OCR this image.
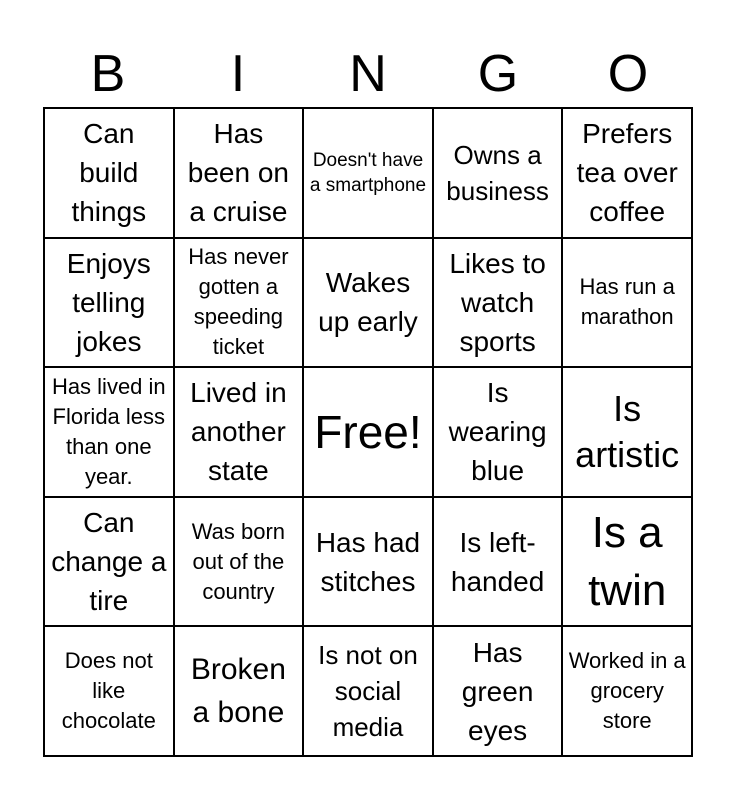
B	I	N	G	O
Can build things
Has been on a cruise
Doesn't have a smartphone
Owns a business
Prefers tea over coffee
Enjoys telling jokes
Has never gotten a speeding ticket
Wakes up early
Likes to watch sports
Has run a marathon
Has lived in Florida less than one year.
Lived in another state
Free!
Is wearing blue
Is artistic
Can change a tire
Was born out of the country
Has had stitches
Is left-handed
Is a twin
Does not like chocolate
Broken a bone
Is not on social media
Has green eyes
Worked in a grocery store
